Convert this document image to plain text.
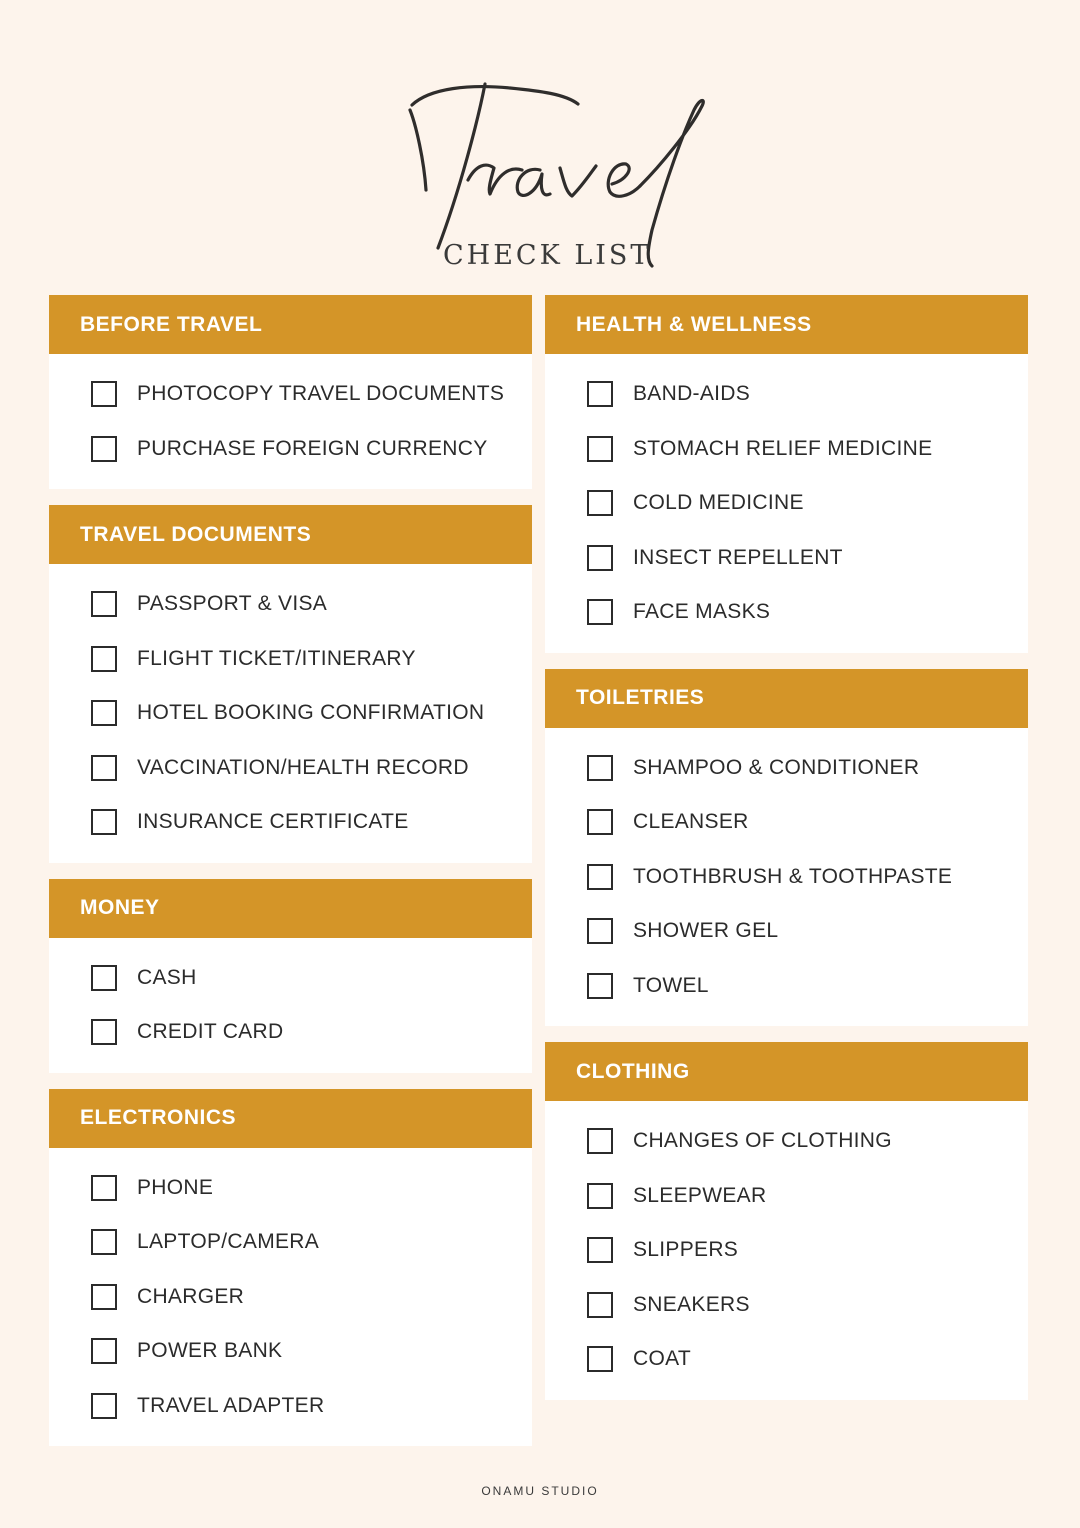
CHECK LIST
BEFORE TRAVEL
PHOTOCOPY TRAVEL DOCUMENTS
PURCHASE FOREIGN CURRENCY
TRAVEL DOCUMENTS
PASSPORT & VISA
FLIGHT TICKET/ITINERARY
HOTEL BOOKING CONFIRMATION
VACCINATION/HEALTH RECORD
INSURANCE CERTIFICATE
MONEY
CASH
CREDIT CARD
ELECTRONICS
PHONE
LAPTOP/CAMERA
CHARGER
POWER BANK
TRAVEL ADAPTER
HEALTH & WELLNESS
BAND-AIDS
STOMACH RELIEF MEDICINE
COLD MEDICINE
INSECT REPELLENT
FACE MASKS
TOILETRIES
SHAMPOO & CONDITIONER
CLEANSER
TOOTHBRUSH & TOOTHPASTE
SHOWER GEL
TOWEL
CLOTHING
CHANGES OF CLOTHING
SLEEPWEAR
SLIPPERS
SNEAKERS
COAT
ONAMU STUDIO
